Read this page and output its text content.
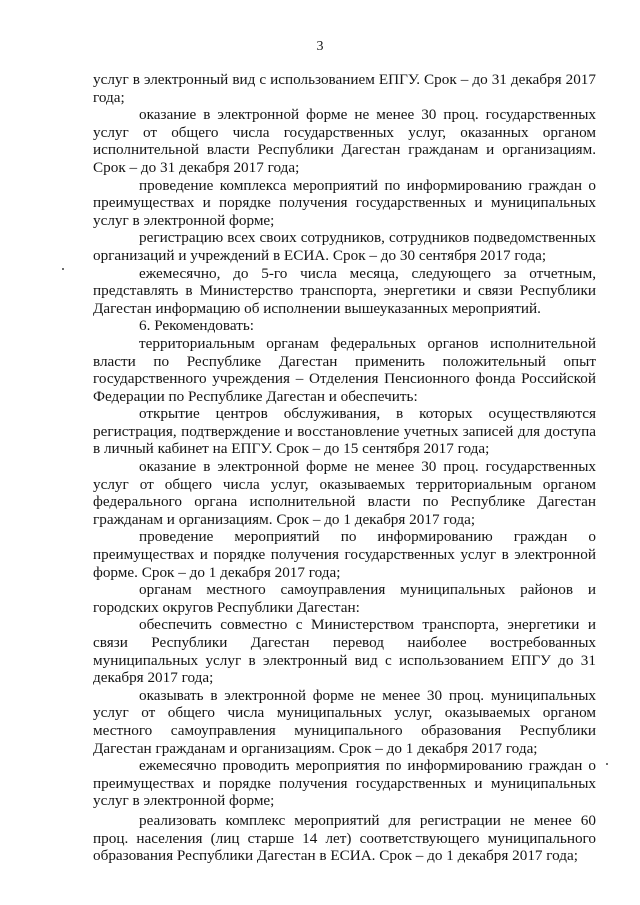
3

услуг в электронный вид с использованием ЕПГУ. Срок – до 31 декабря 2017 года;

оказание в электронной форме не менее 30 проц. государственных услуг от общего числа государственных услуг, оказанных органом исполнительной власти Республики Дагестан гражданам и организациям. Срок – до 31 декабря 2017 года;

проведение комплекса мероприятий по информированию граждан о преимуществах и порядке получения государственных и муниципальных услуг в электронной форме;

регистрацию всех своих сотрудников, сотрудников подведомственных организаций и учреждений в ЕСИА. Срок – до 30 сентября 2017 года;

ежемесячно, до 5-го числа месяца, следующего за отчетным, представлять в Министерство транспорта, энергетики и связи Республики Дагестан информацию об исполнении вышеуказанных мероприятий.

6. Рекомендовать:

территориальным органам федеральных органов исполнительной власти по Республике Дагестан применить положительный опыт государственного учреждения – Отделения Пенсионного фонда Российской Федерации по Республике Дагестан и обеспечить:

открытие центров обслуживания, в которых осуществляются регистрация, подтверждение и восстановление учетных записей для доступа в личный кабинет на ЕПГУ. Срок – до 15 сентября 2017 года;

оказание в электронной форме не менее 30 проц. государственных услуг от общего числа услуг, оказываемых территориальным органом федерального органа исполнительной власти по Республике Дагестан гражданам и организациям. Срок – до 1 декабря 2017 года;

проведение мероприятий по информированию граждан о преимуществах и порядке получения государственных услуг в электронной форме. Срок – до 1 декабря 2017 года;

органам местного самоуправления муниципальных районов и городских округов Республики Дагестан:

обеспечить совместно с Министерством транспорта, энергетики и связи Республики Дагестан перевод наиболее востребованных муниципальных услуг в электронный вид с использованием ЕПГУ до 31 декабря 2017 года;

оказывать в электронной форме не менее 30 проц. муниципальных услуг от общего числа муниципальных услуг, оказываемых органом местного самоуправления муниципального образования Республики Дагестан гражданам и организациям. Срок – до 1 декабря 2017 года;

ежемесячно проводить мероприятия по информированию граждан о преимуществах и порядке получения государственных и муниципальных услуг в электронной форме;

реализовать комплекс мероприятий для регистрации не менее 60 проц. населения (лиц старше 14 лет) соответствующего муниципального образования Республики Дагестан в ЕСИА. Срок – до 1 декабря 2017 года;
